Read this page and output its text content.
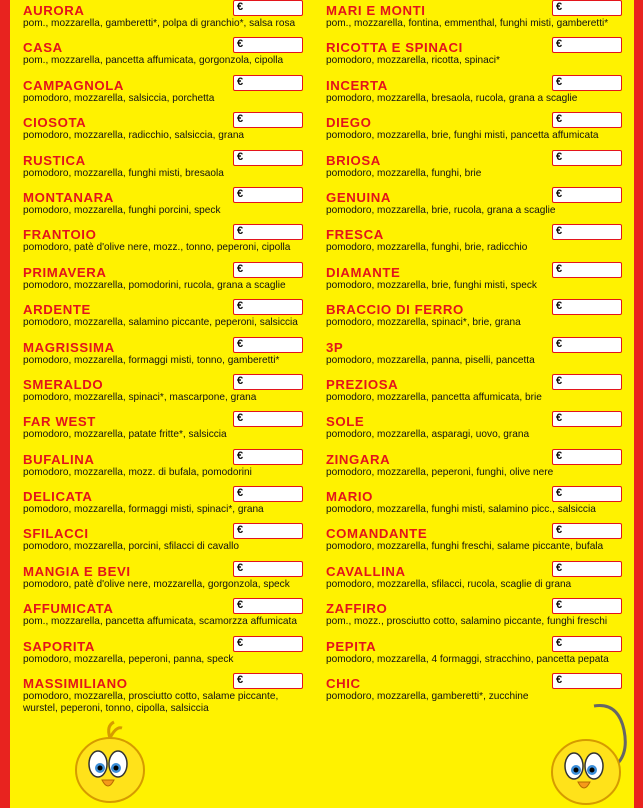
AURORA	€
pom., mozzarella, gamberetti*, polpa di granchio*, salsa rosa
CASA	€
pom., mozzarella, pancetta affumicata, gorgonzola, cipolla
CAMPAGNOLA	€
pomodoro, mozzarella, salsiccia, porchetta
CIOSOTA	€
pomodoro, mozzarella, radicchio, salsiccia, grana
RUSTICA	€
pomodoro, mozzarella, funghi misti, bresaola
MONTANARA	€
pomodoro, mozzarella, funghi porcini, speck
FRANTOIO	€
pomodoro, patè d'olive nere, mozz., tonno, peperoni, cipolla
PRIMAVERA	€
pomodoro, mozzarella, pomodorini, rucola, grana a scaglie
ARDENTE	€
pomodoro, mozzarella, salamino piccante, peperoni, salsiccia
MAGRISSIMA	€
pomodoro, mozzarella, formaggi misti, tonno, gamberetti*
SMERALDO	€
pomodoro, mozzarella, spinaci*, mascarpone, grana
FAR WEST	€
pomodoro, mozzarella, patate fritte*, salsiccia
BUFALINA	€
pomodoro, mozzarella, mozz. di bufala, pomodorini
DELICATA	€
pomodoro, mozzarella, formaggi misti, spinaci*, grana
SFILACCI	€
pomodoro, mozzarella, porcini, sfilacci di cavallo
MANGIA E BEVI	€
pomodoro, patè d'olive nere, mozzarella, gorgonzola, speck
AFFUMICATA	€
pom., mozzarella, pancetta affumicata, scamorzza affumicata
SAPORITA	€
pomodoro, mozzarella, peperoni, panna, speck
MASSIMILIANO	€
pomodoro, mozzarella, prosciutto cotto, salame piccante,
wurstel, peperoni, tonno, cipolla, salsiccia
MARI E MONTI	€
pom., mozzarella, fontina, emmenthal, funghi misti, gamberetti*
RICOTTA E SPINACI	€
pomodoro, mozzarella, ricotta, spinaci*
INCERTA	€
pomodoro, mozzarella, bresaola, rucola, grana a scaglie
DIEGO	€
pomodoro, mozzarella, brie, funghi misti, pancetta affumicata
BRIOSA	€
pomodoro, mozzarella, funghi, brie
GENUINA	€
pomodoro, mozzarella, brie, rucola, grana a scaglie
FRESCA	€
pomodoro, mozzarella, funghi, brie, radicchio
DIAMANTE	€
pomodoro, mozzarella, brie, funghi misti, speck
BRACCIO DI FERRO	€
pomodoro, mozzarella, spinaci*, brie, grana
3P	€
pomodoro, mozzarella, panna, piselli, pancetta
PREZIOSA	€
pomodoro, mozzarella, pancetta affumicata, brie
SOLE	€
pomodoro, mozzarella, asparagi, uovo, grana
ZINGARA	€
pomodoro, mozzarella, peperoni, funghi, olive nere
MARIO	€
pomodoro, mozzarella, funghi misti, salamino picc., salsiccia
COMANDANTE	€
pomodoro, mozzarella, funghi freschi, salame piccante, bufala
CAVALLINA	€
pomodoro, mozzarella, sfilacci, rucola, scaglie di grana
ZAFFIRO	€
pom., mozz., prosciutto cotto, salamino piccante, funghi freschi
PEPITA	€
pomodoro, mozzarella, 4 formaggi, stracchino, pancetta pepata
CHIC	€
pomodoro, mozzarella, gamberetti*, zucchine
